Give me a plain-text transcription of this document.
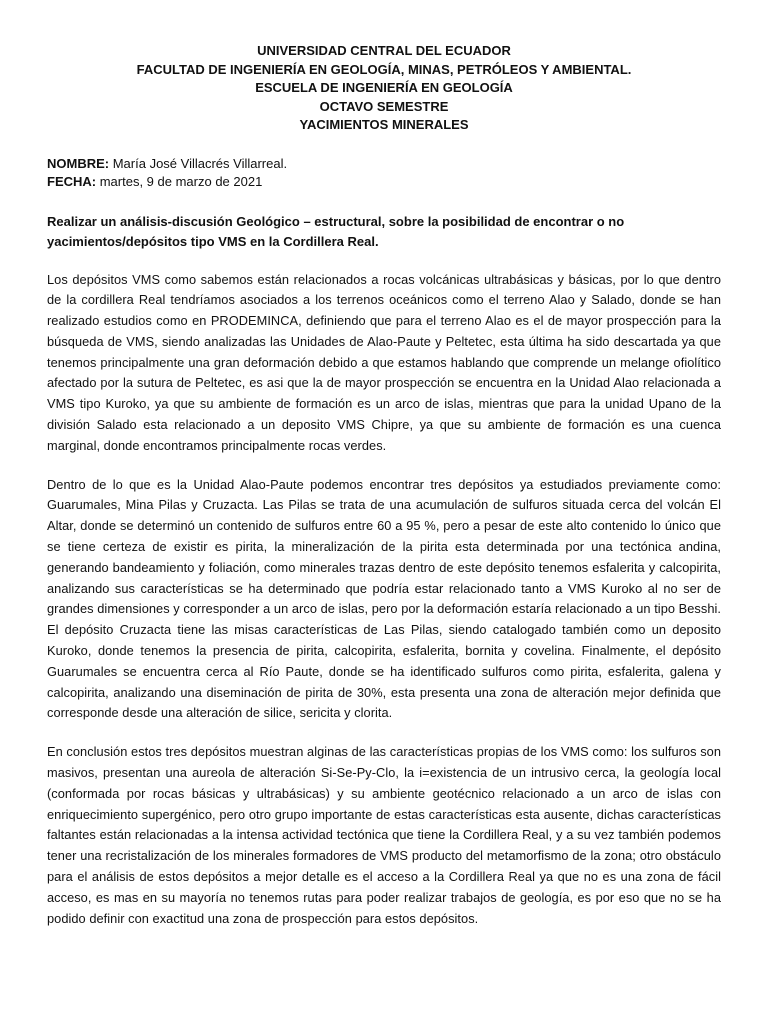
UNIVERSIDAD CENTRAL DEL ECUADOR
FACULTAD DE INGENIERÍA EN GEOLOGÍA, MINAS, PETRÓLEOS Y AMBIENTAL.
ESCUELA DE INGENIERÍA EN GEOLOGÍA
OCTAVO SEMESTRE
YACIMIENTOS MINERALES
NOMBRE: María José Villacrés Villarreal.
FECHA: martes, 9 de marzo de 2021
Realizar un análisis-discusión Geológico – estructural, sobre la posibilidad de encontrar o no yacimientos/depósitos tipo VMS en la Cordillera Real.
Los depósitos VMS como sabemos están relacionados a rocas volcánicas ultrabásicas y básicas, por lo que dentro de la cordillera Real tendríamos asociados a los terrenos oceánicos como el terreno Alao y Salado, donde se han realizado estudios como en PRODEMINCA, definiendo que para el terreno Alao es el de mayor prospección para la búsqueda de VMS, siendo analizadas las Unidades de Alao-Paute y Peltetec, esta última ha sido descartada ya que tenemos principalmente una gran deformación debido a que estamos hablando que comprende un melange ofiolítico afectado por la sutura de Peltetec, es asi que la de mayor prospección se encuentra en la Unidad Alao relacionada a VMS tipo Kuroko, ya que su ambiente de formación es un arco de islas, mientras que para la unidad Upano de la división Salado esta relacionado a un deposito VMS Chipre, ya que su ambiente de formación es una cuenca marginal, donde encontramos principalmente rocas verdes.
Dentro de lo que es la Unidad Alao-Paute podemos encontrar tres depósitos ya estudiados previamente como: Guarumales, Mina Pilas y Cruzacta. Las Pilas se trata de una acumulación de sulfuros situada cerca del volcán El Altar, donde se determinó un contenido de sulfuros entre 60 a 95 %, pero a pesar de este alto contenido lo único que se tiene certeza de existir es pirita, la mineralización de la pirita esta determinada por una tectónica andina, generando bandeamiento y foliación, como minerales trazas dentro de este depósito tenemos esfalerita y calcopirita, analizando sus características se ha determinado que podría estar relacionado tanto a VMS Kuroko al no ser de grandes dimensiones y corresponder a un arco de islas, pero por la deformación estaría relacionado a un tipo Besshi. El depósito Cruzacta tiene las misas características de Las Pilas, siendo catalogado también como un deposito Kuroko, donde tenemos la presencia de pirita, calcopirita, esfalerita, bornita y covelina. Finalmente, el depósito Guarumales se encuentra cerca al Río Paute, donde se ha identificado sulfuros como pirita, esfalerita, galena y calcopirita, analizando una diseminación de pirita de 30%, esta presenta una zona de alteración mejor definida que corresponde desde una alteración de silice, sericita y clorita.
En conclusión estos tres depósitos muestran alginas de las características propias de los VMS como: los sulfuros son masivos, presentan una aureola de alteración Si-Se-Py-Clo, la i=existencia de un intrusivo cerca, la geología local (conformada por rocas básicas y ultrabásicas) y su ambiente geotécnico relacionado a un arco de islas con enriquecimiento supergénico, pero otro grupo importante de estas características esta ausente, dichas características faltantes están relacionadas a la intensa actividad tectónica que tiene la Cordillera Real, y a su vez también podemos tener una recristalización de los minerales formadores de VMS producto del metamorfismo de la zona; otro obstáculo para el análisis de estos depósitos a mejor detalle es el acceso a la Cordillera Real ya que no es una zona de fácil acceso, es mas en su mayoría no tenemos rutas para poder realizar trabajos de geología, es por eso que no se ha podido definir con exactitud una zona de prospección para estos depósitos.
